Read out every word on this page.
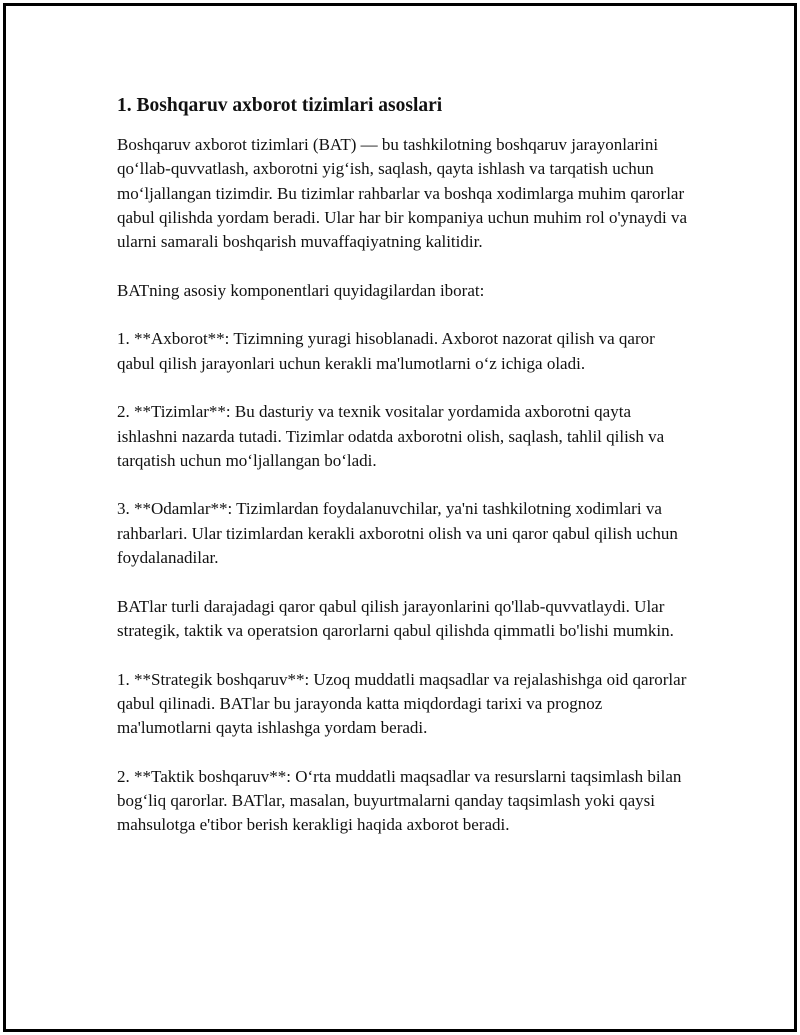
1. Boshqaruv axborot tizimlari asoslari

Boshqaruv axborot tizimlari (BAT) — bu tashkilotning boshqaruv jarayonlarini qo‘llab-quvvatlash, axborotni yig‘ish, saqlash, qayta ishlash va tarqatish uchun mo‘ljallangan tizimdir. Bu tizimlar rahbarlar va boshqa xodimlarga muhim qarorlar qabul qilishda yordam beradi. Ular har bir kompaniya uchun muhim rol o'ynaydi va ularni samarali boshqarish muvaffaqiyatning kalitidir.

BATning asosiy komponentlari quyidagilardan iborat:

1. **Axborot**: Tizimning yuragi hisoblanadi. Axborot nazorat qilish va qaror qabul qilish jarayonlari uchun kerakli ma'lumotlarni o‘z ichiga oladi.

2. **Tizimlar**: Bu dasturiy va texnik vositalar yordamida axborotni qayta ishlashni nazarda tutadi. Tizimlar odatda axborotni olish, saqlash, tahlil qilish va tarqatish uchun mo‘ljallangan bo‘ladi.

3. **Odamlar**: Tizimlardan foydalanuvchilar, ya'ni tashkilotning xodimlari va rahbarlari. Ular tizimlardan kerakli axborotni olish va uni qaror qabul qilish uchun foydalanadilar.

BATlar turli darajadagi qaror qabul qilish jarayonlarini qo'llab-quvvatlaydi. Ular strategik, taktik va operatsion qarorlarni qabul qilishda qimmatli bo'lishi mumkin.

1. **Strategik boshqaruv**: Uzoq muddatli maqsadlar va rejalashishga oid qarorlar qabul qilinadi. BATlar bu jarayonda katta miqdordagi tarixi va prognoz ma'lumotlarni qayta ishlashga yordam beradi.

2. **Taktik boshqaruv**: O‘rta muddatli maqsadlar va resurslarni taqsimlash bilan bog‘liq qarorlar. BATlar, masalan, buyurtmalarni qanday taqsimlash yoki qaysi mahsulotga e'tibor berish kerakligi haqida axborot beradi.
